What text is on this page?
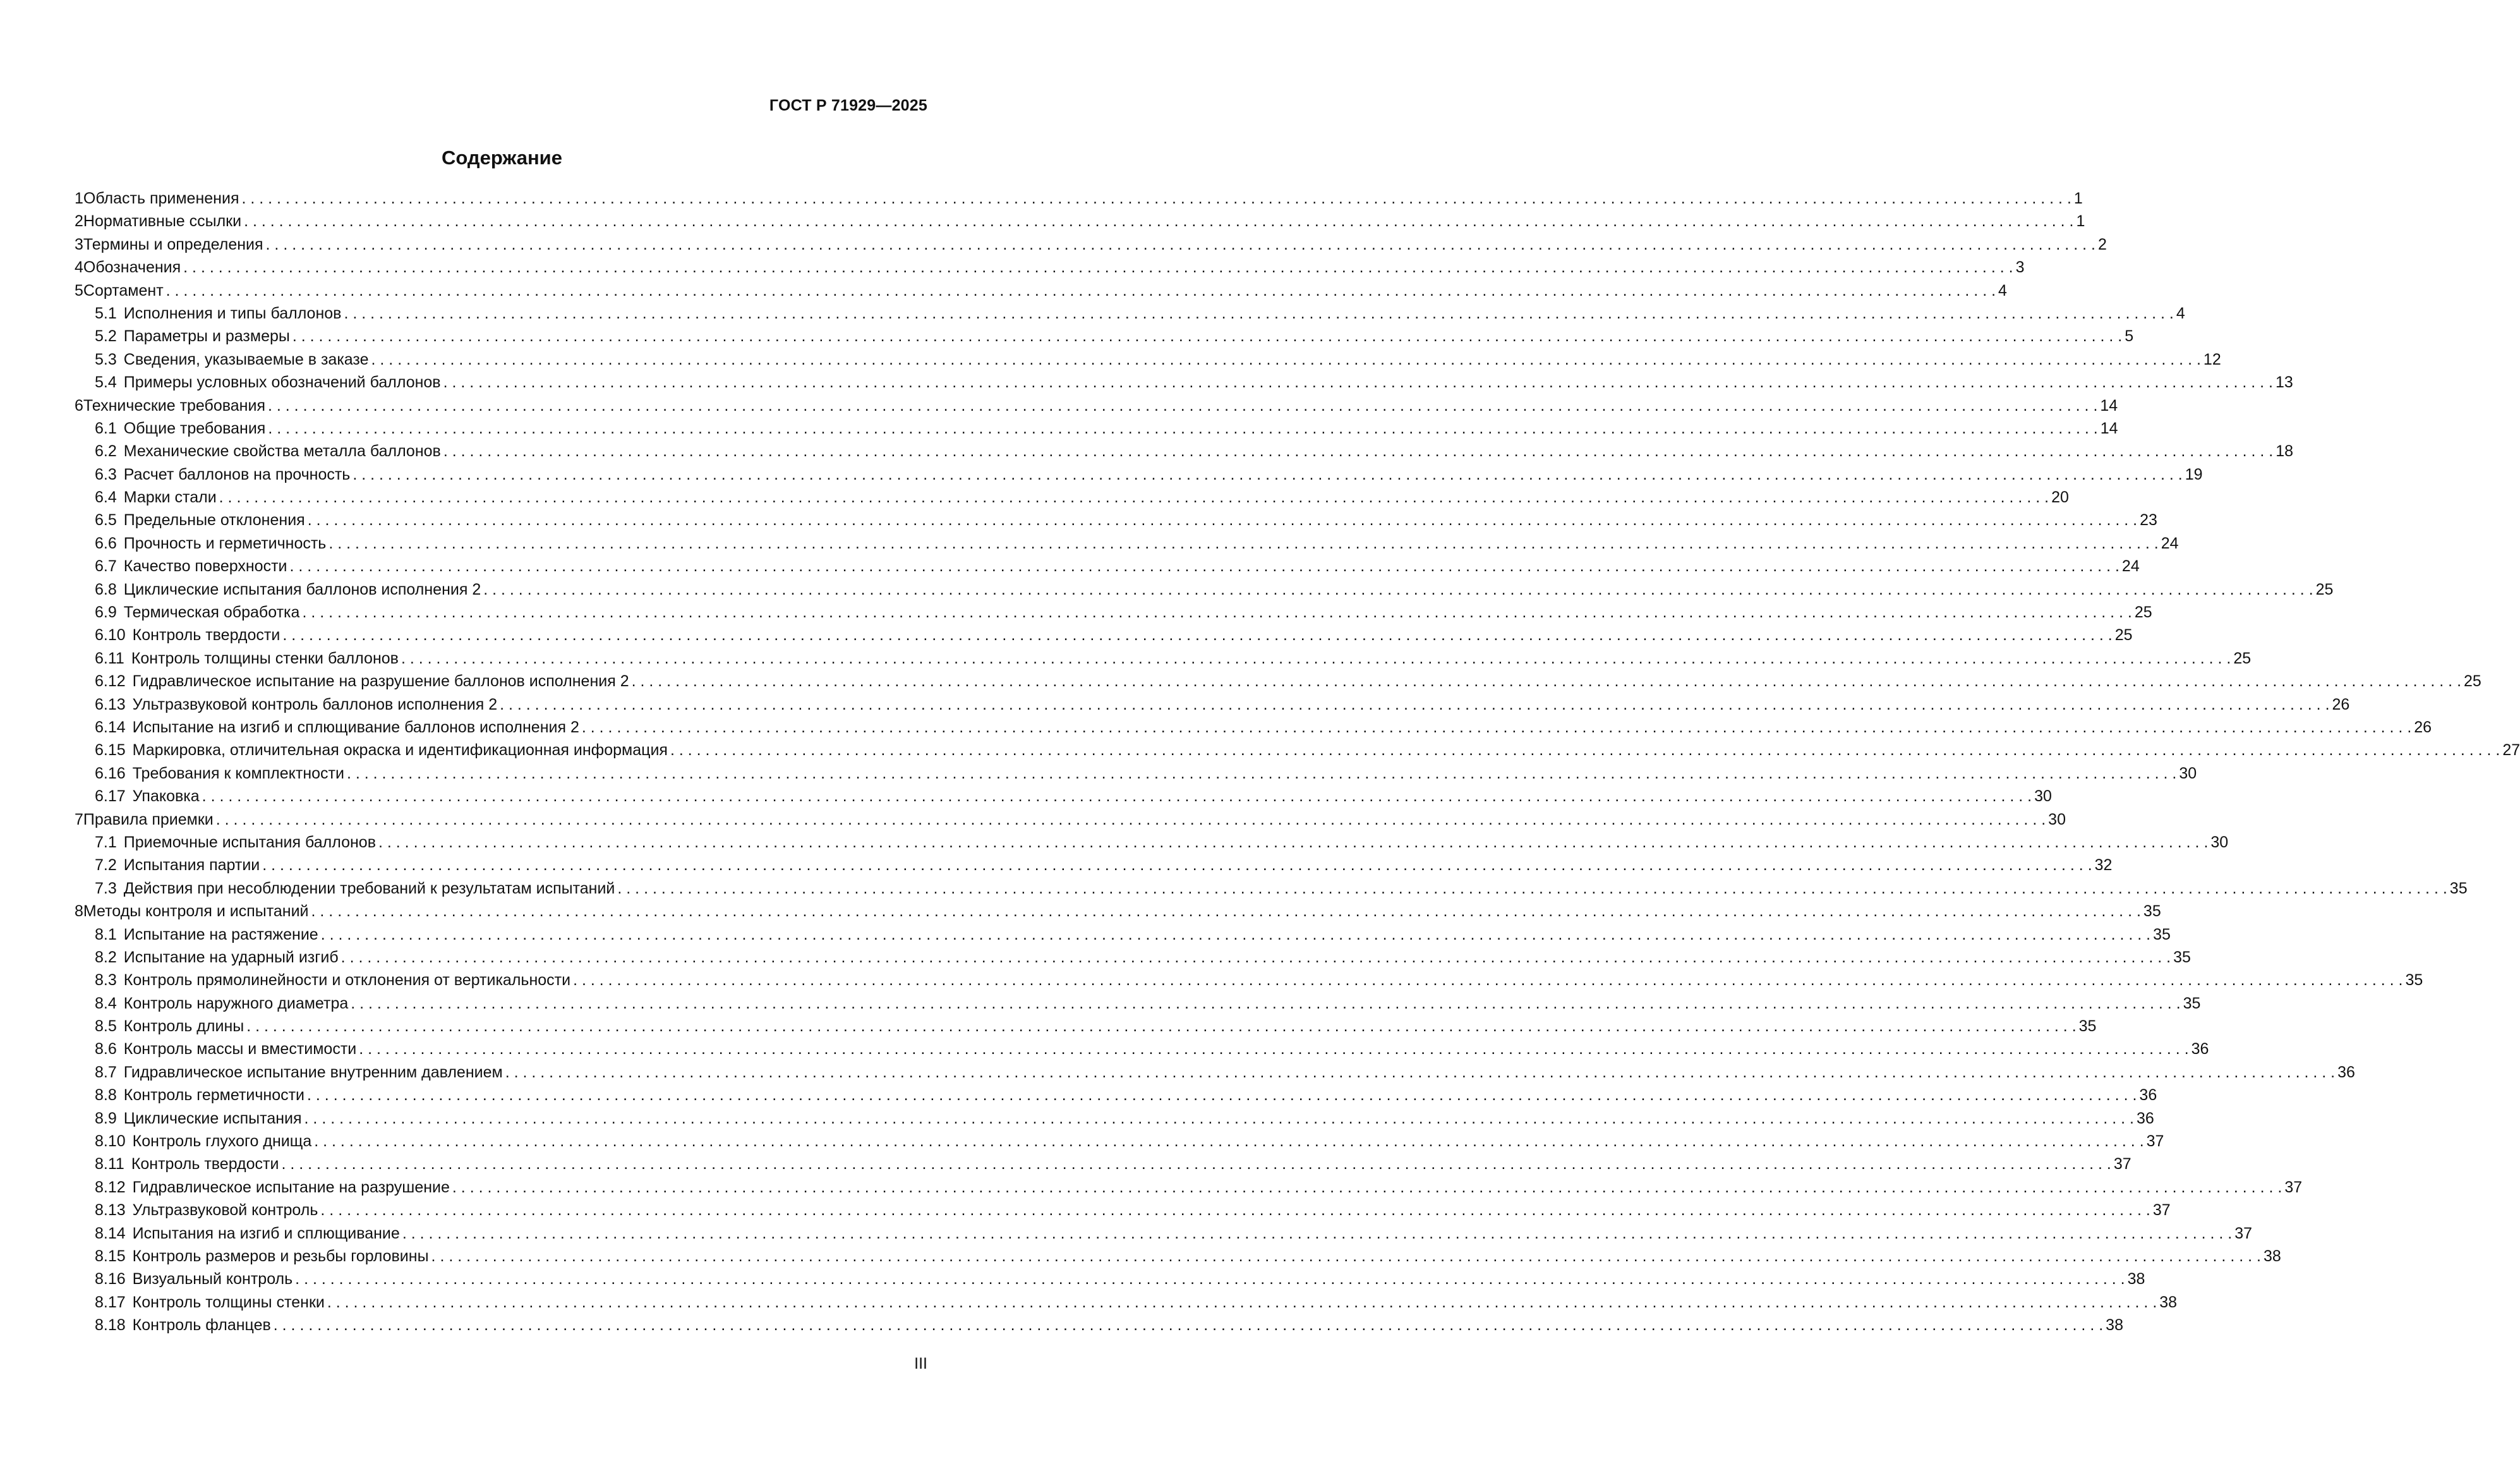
ГОСТ Р 71929—2025
Содержание
1 Область применения . . .	1
2 Нормативные ссылки . . .	1
3 Термины и определения . . .	2
4 Обозначения . . .	3
5 Сортамент . . .	4
5.1 Исполнения и типы баллонов . . .	4
5.2 Параметры и размеры . . .	5
5.3 Сведения, указываемые в заказе . . .	12
5.4 Примеры условных обозначений баллонов . . .	13
6 Технические требования . . .	14
6.1 Общие требования . . .	14
6.2 Механические свойства металла баллонов . . .	18
6.3 Расчет баллонов на прочность . . .	19
6.4 Марки стали . . .	20
6.5 Предельные отклонения . . .	23
6.6 Прочность и герметичность . . .	24
6.7 Качество поверхности . . .	24
6.8 Циклические испытания баллонов исполнения 2 . . .	25
6.9 Термическая обработка . . .	25
6.10 Контроль твердости . . .	25
6.11 Контроль толщины стенки баллонов . . .	25
6.12 Гидравлическое испытание на разрушение баллонов исполнения 2 . . .	25
6.13 Ультразвуковой контроль баллонов исполнения 2 . . .	26
6.14 Испытание на изгиб и сплющивание баллонов исполнения 2 . . .	26
6.15 Маркировка, отличительная окраска и идентификационная информация . . .	27
6.16 Требования к комплектности . . .	30
6.17 Упаковка . . .	30
7 Правила приемки . . .	30
7.1 Приемочные испытания баллонов . . .	30
7.2 Испытания партии . . .	32
7.3 Действия при несоблюдении требований к результатам испытаний . . .	35
8 Методы контроля и испытаний . . .	35
8.1 Испытание на растяжение . . .	35
8.2 Испытание на ударный изгиб . . .	35
8.3 Контроль прямолинейности и отклонения от вертикальности . . .	35
8.4 Контроль наружного диаметра . . .	35
8.5 Контроль длины . . .	35
8.6 Контроль массы и вместимости . . .	36
8.7 Гидравлическое испытание внутренним давлением . . .	36
8.8 Контроль герметичности . . .	36
8.9 Циклические испытания . . .	36
8.10 Контроль глухого днища . . .	37
8.11 Контроль твердости . . .	37
8.12 Гидравлическое испытание на разрушение . . .	37
8.13 Ультразвуковой контроль . . .	37
8.14 Испытания на изгиб и сплющивание . . .	37
8.15 Контроль размеров и резьбы горловины . . .	38
8.16 Визуальный контроль . . .	38
8.17 Контроль толщины стенки . . .	38
8.18 Контроль фланцев . . .	38
III
